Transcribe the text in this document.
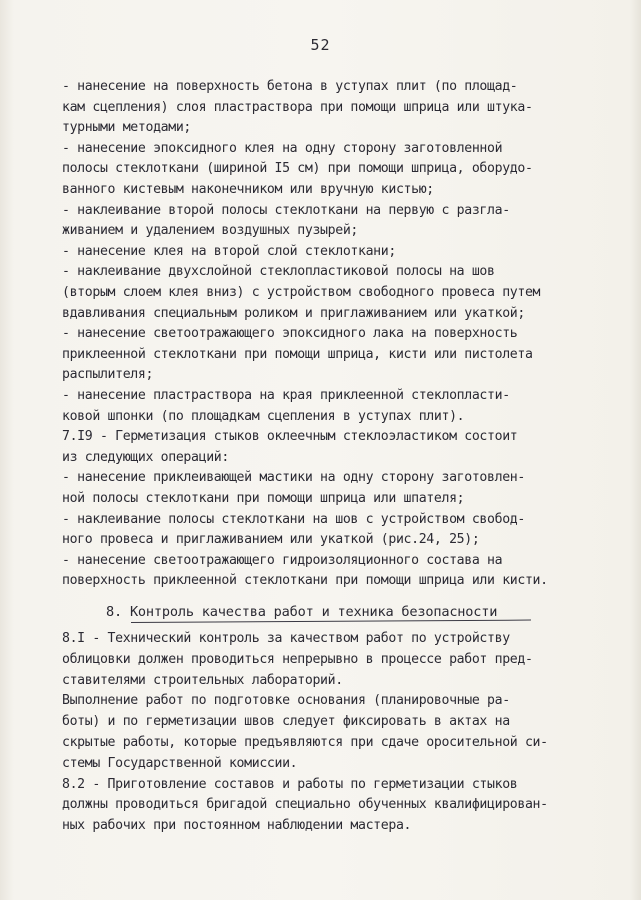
52
- нанесение на поверхность бетона в уступах плит (по площад-
кам сцепления) слоя пластраствора при помощи шприца или штука-
турными методами;
- нанесение эпоксидного клея на одну сторону заготовленной
полосы стеклоткани (шириной I5 см) при помощи шприца, оборудо-
ванного кистевым наконечником или вручную кистью;
- наклеивание второй полосы стеклоткани на первую с разгла-
живанием и удалением воздушных пузырей;
- нанесение клея на второй слой стеклоткани;
- наклеивание двухслойной стеклопластиковой полосы на шов
(вторым слоем клея вниз) с устройством свободного провеса путем
вдавливания специальным роликом и приглаживанием или укаткой;
- нанесение светоотражающего эпоксидного лака на поверхность
приклеенной стеклоткани при помощи шприца, кисти или пистолета
распылителя;
- нанесение пластраствора на края приклеенной стеклопласти-
ковой шпонки (по площадкам сцепления в уступах плит).
7.I9 - Герметизация стыков оклеечным стеклоэластиком состоит
из следующих операций:
- нанесение приклеивающей мастики на одну сторону заготовлен-
ной полосы стеклоткани при помощи шприца или шпателя;
- наклеивание полосы стеклоткани на шов с устройством свобод-
ного провеса и приглаживанием или укаткой (рис.24, 25);
- нанесение светоотражающего гидроизоляционного состава на
поверхность приклеенной стеклоткани при помощи шприца или кисти.
8. Контроль качества работ и техника безопасности
8.I - Технический контроль за качеством работ по устройству
облицовки должен проводиться непрерывно в процессе работ пред-
ставителями строительных лабораторий.
Выполнение работ по подготовке основания (планировочные ра-
боты) и по герметизации швов следует фиксировать в актах на
скрытые работы, которые предъявляются при сдаче оросительной си-
стемы Государственной комиссии.
8.2 - Приготовление составов и работы по герметизации стыков
должны проводиться бригадой специально обученных квалифицирован-
ных рабочих при постоянном наблюдении мастера.
